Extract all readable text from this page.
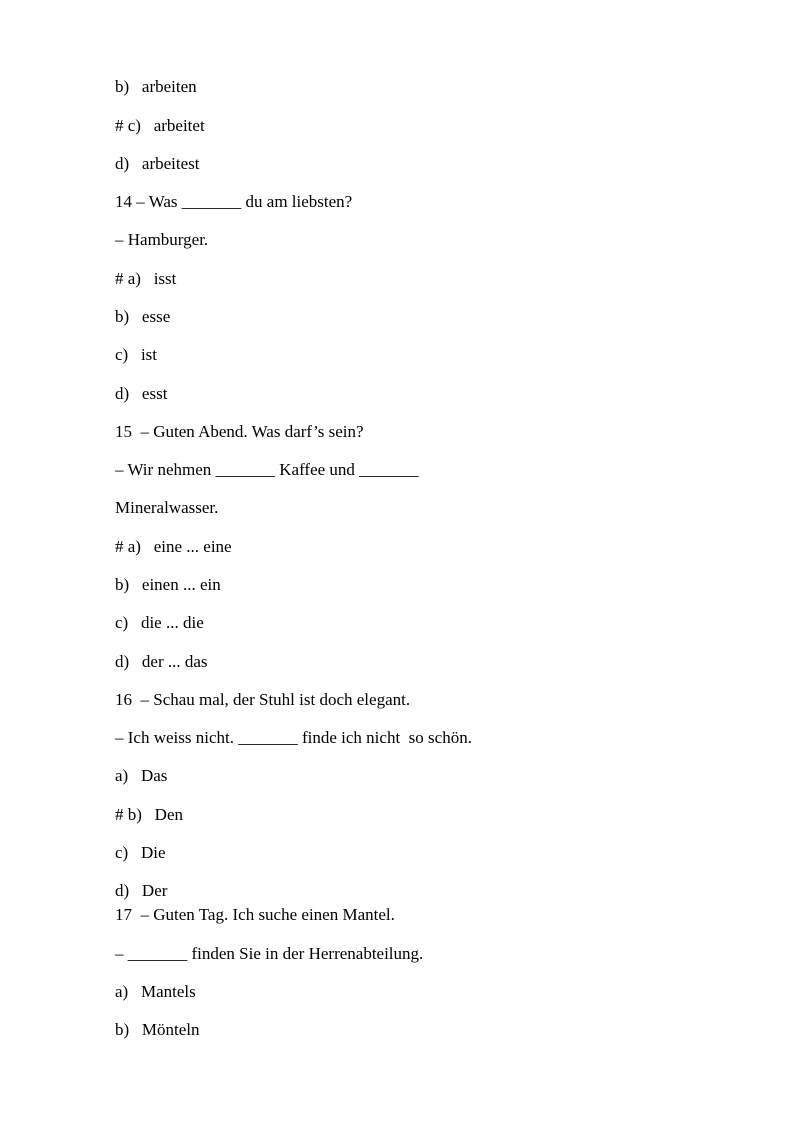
b)   arbeiten
# c)   arbeitet
d)   arbeitest
14 – Was _______ du am liebsten?
– Hamburger.
# a)   isst
b)   esse
c)   ist
d)   esst
15  – Guten Abend. Was darf’s sein?
– Wir nehmen _______ Kaffee und _______
Mineralwasser.
# a)   eine ... eine
b)   einen ... ein
c)   die ... die
d)   der ... das
16  – Schau mal, der Stuhl ist doch elegant.
– Ich weiss nicht. _______ finde ich nicht  so schön.
a)   Das
# b)   Den
c)   Die
d)   Der
17  – Guten Tag. Ich suche einen Mantel.
– _______ finden Sie in der Herrenabteilung.
a)   Mantels
b)   Mönteln
